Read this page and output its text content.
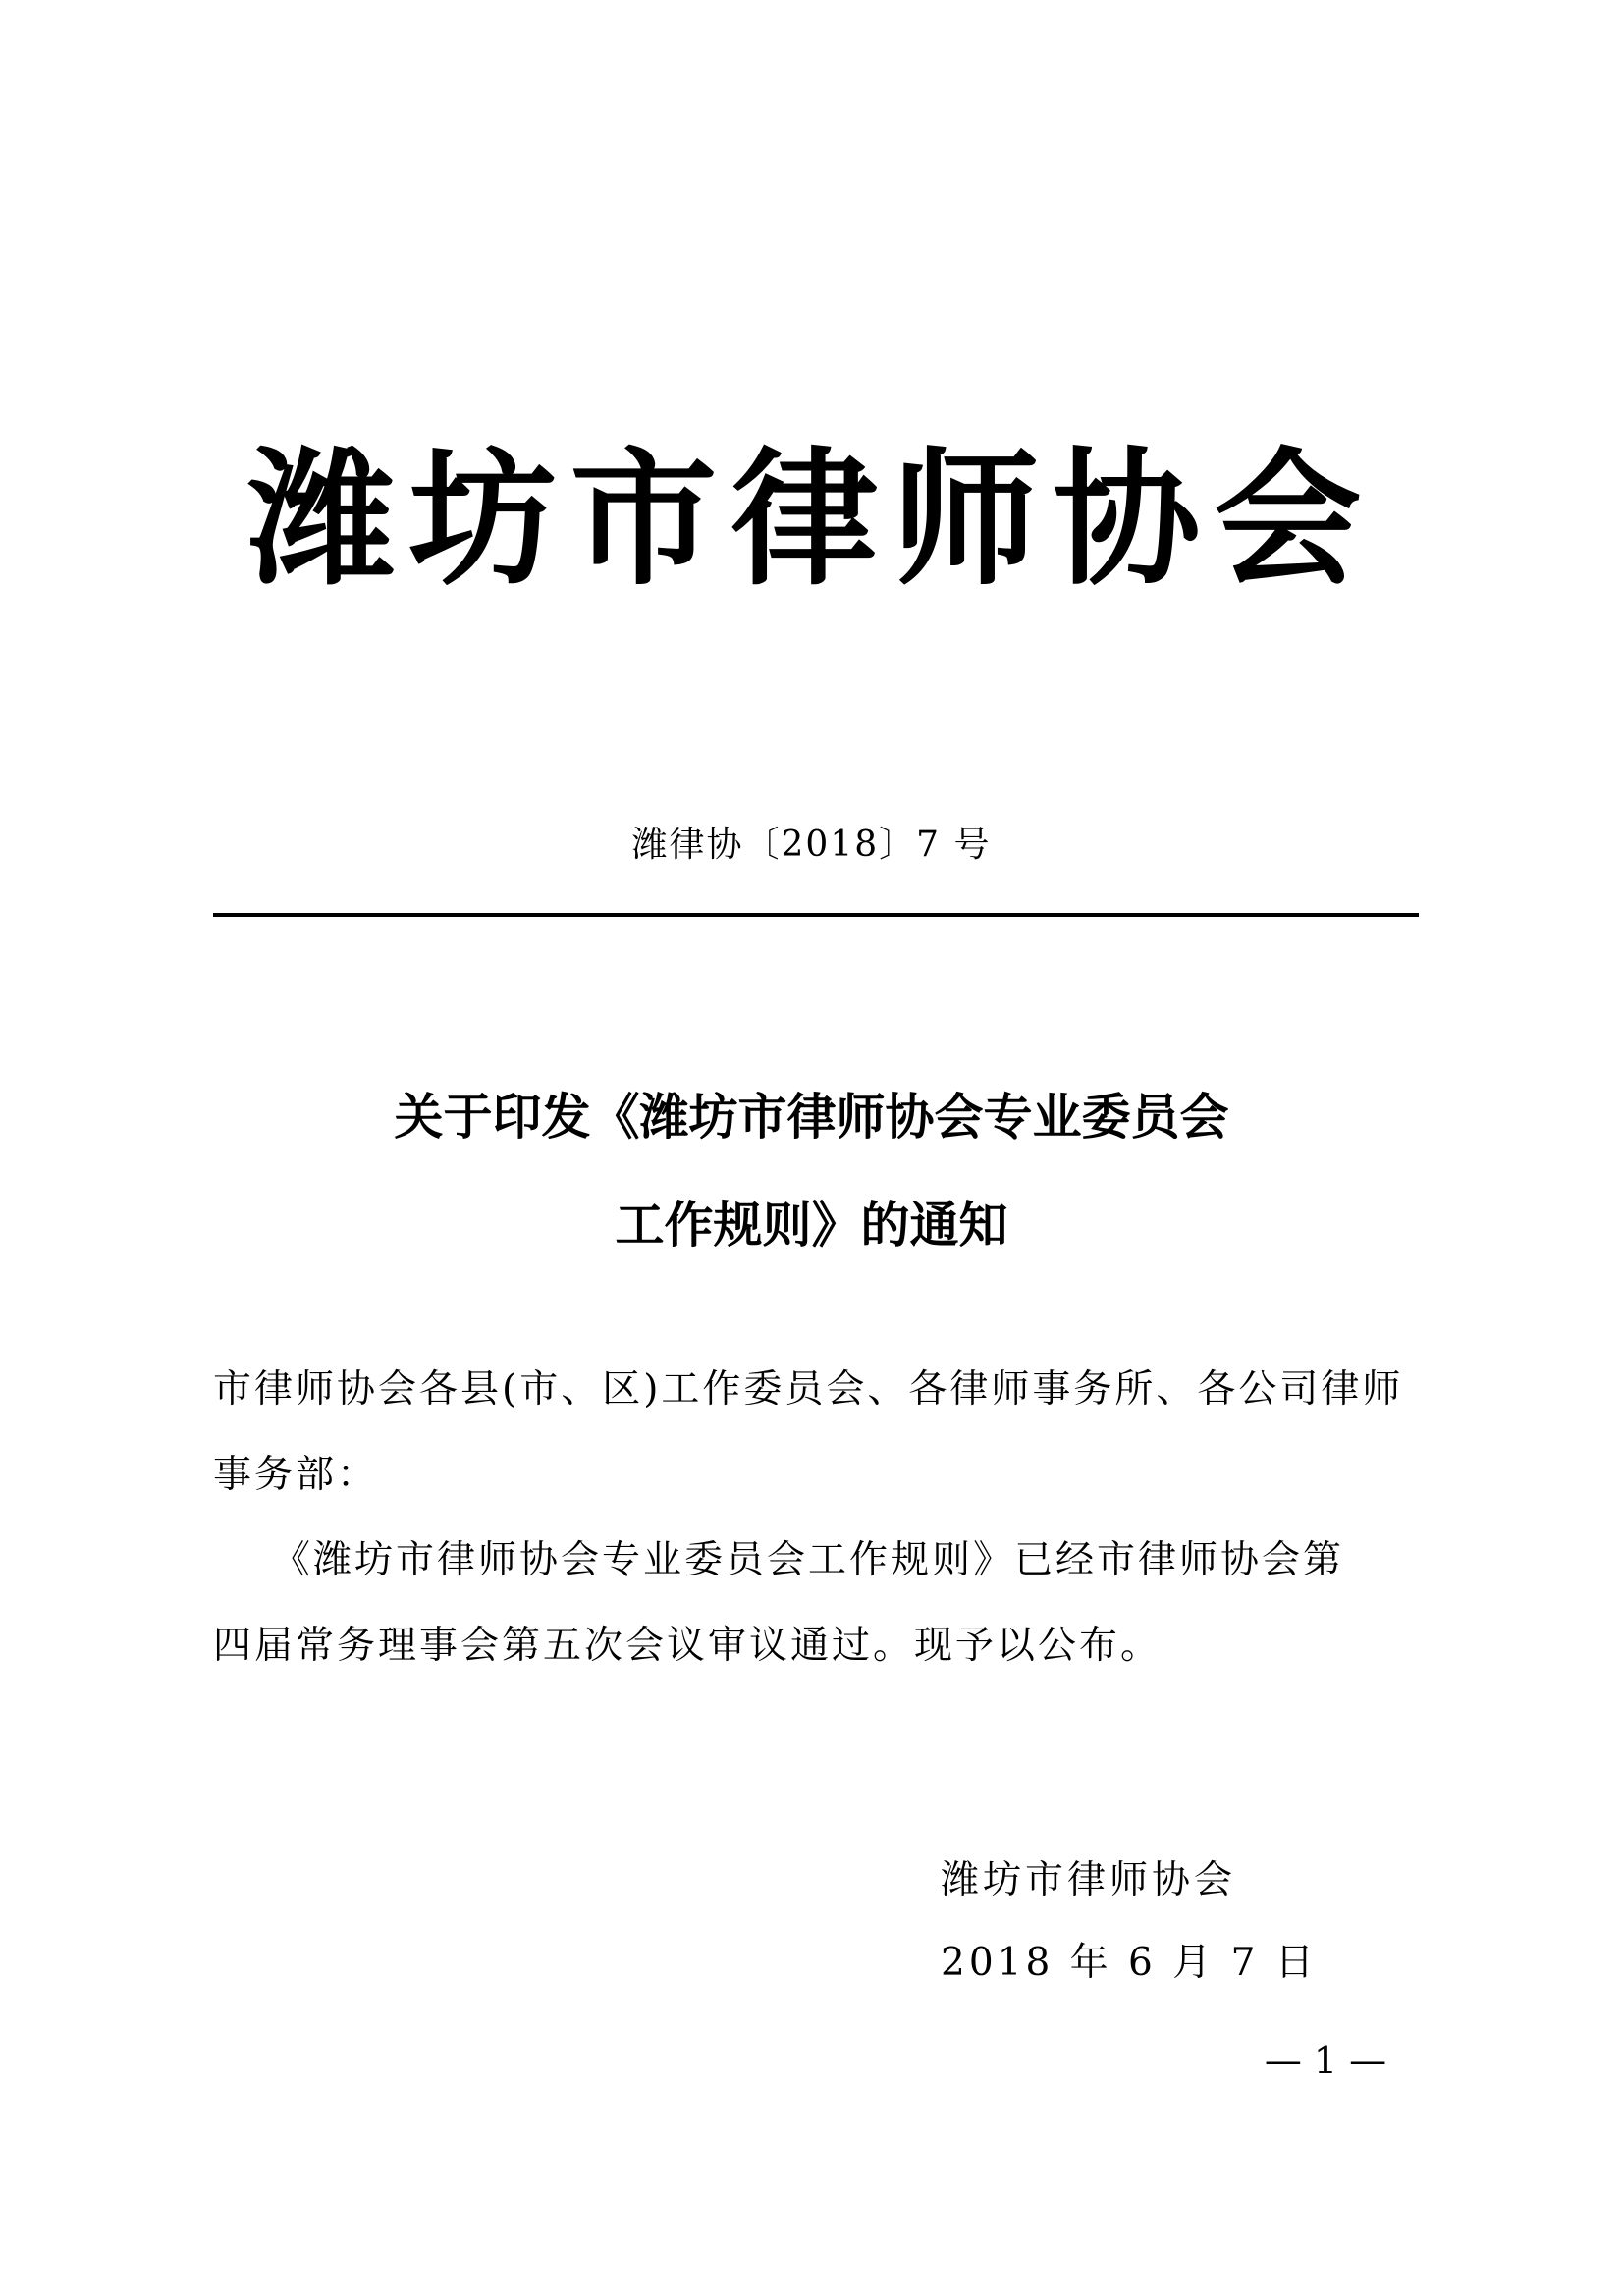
潍坊市律师协会
潍律协〔2018〕7 号
关于印发《潍坊市律师协会专业委员会
工作规则》的通知
市律师协会各县(市、区)工作委员会、各律师事务所、各公司律师
事务部：
《潍坊市律师协会专业委员会工作规则》已经市律师协会第
四届常务理事会第五次会议审议通过。现予以公布。
潍坊市律师协会
2018 年 6 月 7 日
— 1 —
